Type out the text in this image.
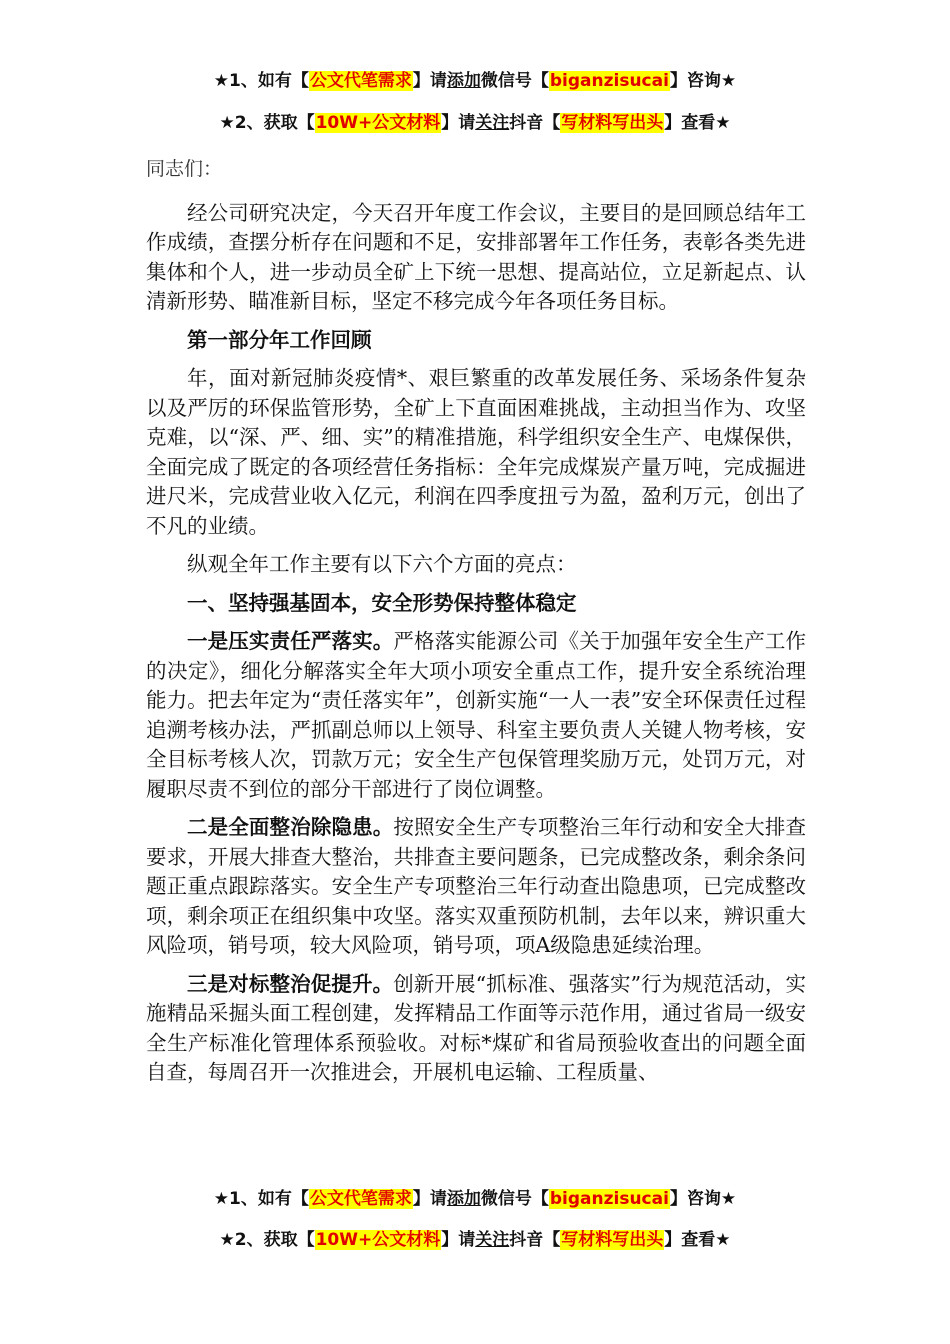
★1、如有【公文代笔需求】请添加微信号【biganzisucai】咨询★
★2、获取【10W+公文材料】请关注抖音【写材料写出头】查看★

同志们：

经公司研究决定，今天召开年度工作会议，主要目的是回顾总结年工作成绩，查摆分析存在问题和不足，安排部署年工作任务，表彰各类先进集体和个人，进一步动员全矿上下统一思想、提高站位，立足新起点、认清新形势、瞄准新目标，坚定不移完成今年各项任务目标。

第一部分年工作回顾

年，面对新冠肺炎疫情*、艰巨繁重的改革发展任务、采场条件复杂以及严厉的环保监管形势，全矿上下直面困难挑战，主动担当作为、攻坚克难，以“深、严、细、实”的精准措施，科学组织安全生产、电煤保供，全面完成了既定的各项经营任务指标：全年完成煤炭产量万吨，完成掘进进尺米，完成营业收入亿元，利润在四季度扭亏为盈，盈利万元，创出了不凡的业绩。

纵观全年工作主要有以下六个方面的亮点：

一、坚持强基固本，安全形势保持整体稳定

一是压实责任严落实。严格落实能源公司《关于加强年安全生产工作的决定》，细化分解落实全年大项小项安全重点工作，提升安全系统治理能力。把去年定为“责任落实年”，创新实施“一人一表”安全环保责任过程追溯考核办法，严抓副总师以上领导、科室主要负责人关键人物考核，安全目标考核人次，罚款万元；安全生产包保管理奖励万元，处罚万元，对履职尽责不到位的部分干部进行了岗位调整。

二是全面整治除隐患。按照安全生产专项整治三年行动和安全大排查要求，开展大排查大整治，共排查主要问题条，已完成整改条，剩余条问题正重点跟踪落实。安全生产专项整治三年行动查出隐患项，已完成整改项，剩余项正在组织集中攻坚。落实双重预防机制，去年以来，辨识重大风险项，销号项，较大风险项，销号项，项A级隐患延续治理。

三是对标整治促提升。创新开展“抓标准、强落实”行为规范活动，实施精品采掘头面工程创建，发挥精品工作面等示范作用，通过省局一级安全生产标准化管理体系预验收。对标*煤矿和省局预验收查出的问题全面自查，每周召开一次推进会，开展机电运输、工程质量、

★1、如有【公文代笔需求】请添加微信号【biganzisucai】咨询★
★2、获取【10W+公文材料】请关注抖音【写材料写出头】查看★
